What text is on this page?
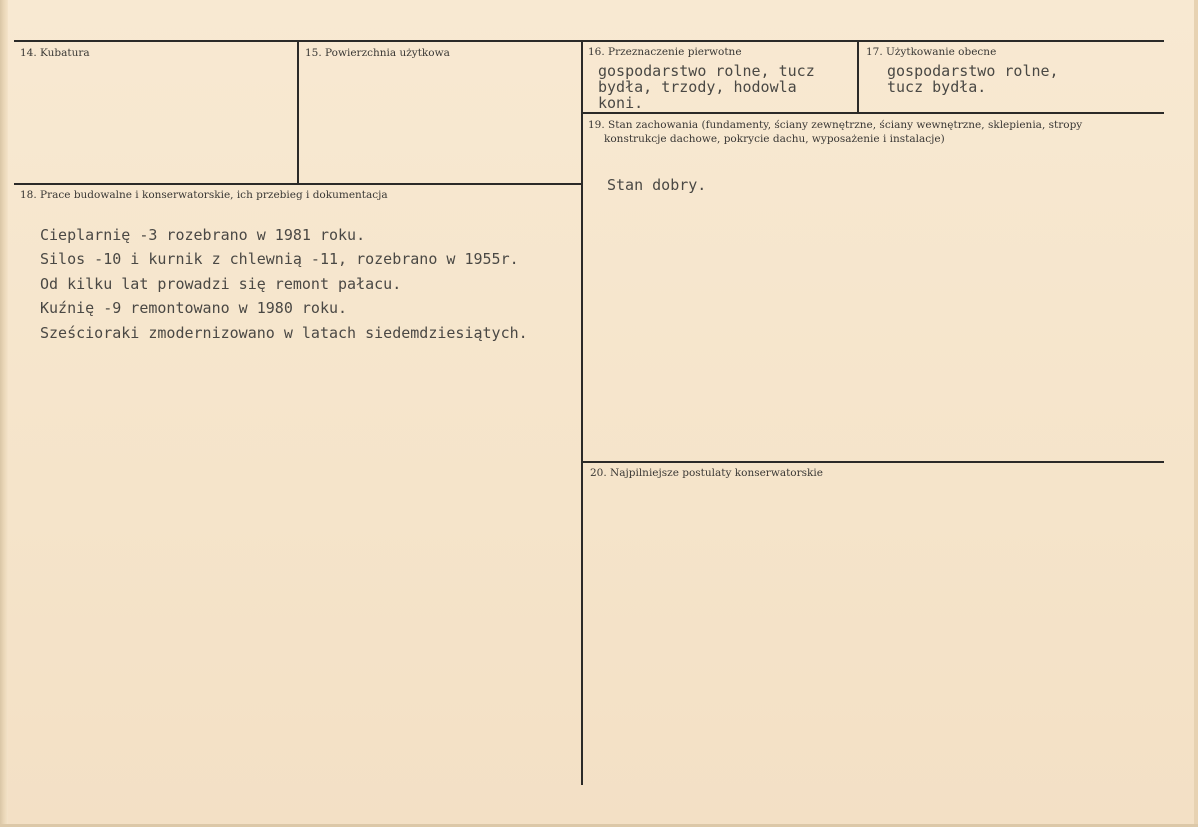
14. Kubatura	15. Powierzchnia użytkowa	16. Przeznaczenie pierwotne
gospodarstwo rolne, tucz
bydła, trzody, hodowla
koni.
17. Użytkowanie obecne
gospodarstwo rolne,
tucz bydła.
18. Prace budowalne i konserwatorskie, ich przebieg i dokumentacja
Cieplarnię -3 rozebrano w 1981 roku.
Silos -10 i kurnik z chlewnią -11, rozebrano w 1955r.
Od kilku lat prowadzi się remont pałacu.
Kuźnię -9 remontowano w 1980 roku.
Sześcioraki zmodernizowano w latach siedemdziesiątych.
19. Stan zachowania (fundamenty, ściany zewnętrzne, ściany wewnętrzne, sklepienia, stropy
konstrukcje dachowe, pokrycie dachu, wyposażenie i instalacje)
Stan dobry.
20. Najpilniejsze postulaty konserwatorskie
